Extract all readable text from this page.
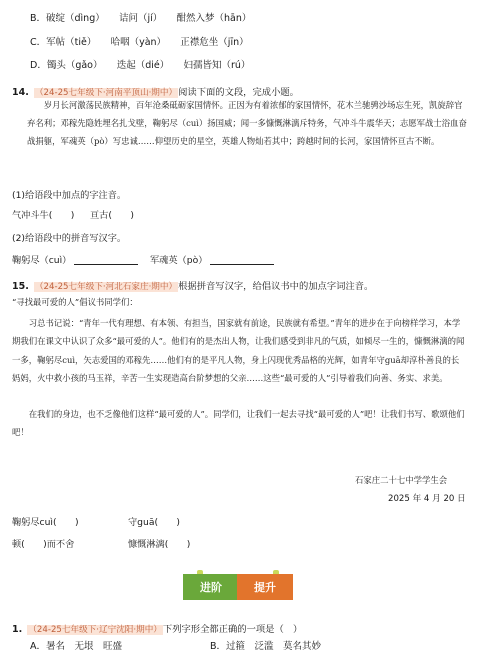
B．破绽（dìng）　　诘问（jí）　　酣然入梦（hān）
C．军帖（tiě）　　哈咽（yàn）　　正襟危坐（jīn）
D．镯头（gǎo）　　迭起（dié）　　妇孺皆知（rú）
14. （24-25七年级下·河南平顶山·期中）阅读下面的文段，完成小题。
　　岁月长河激荡民族精神，百年沧桑砥砺家国情怀。正因为有着浓郁的家国情怀，花木兰驰骋沙场忘生死，凯旋辞官弃名利；邓稼先隐姓埋名扎戈壁，鞠躬尽（cuì）扬国威；闻一多慷慨淋漓斥特务，气冲斗牛震华天；志愿军战士浴血奋战捐躯，军魂英（pò）写忠诚……仰望历史的星空，英雄人物灿若其中；跨越时间的长河，家国情怀亘古不断。
(1)给语段中加点的字注音。
气冲斗牛(　　) 亘古(　　)
(2)给语段中的拼音写汉字。
鞠躬尽（cuì）	军魂英（pò）
15. （24-25七年级下·河北石家庄·期中）根据拼音写汉字，给倡议书中的加点字词注音。
“寻找最可爱的人”倡议书同学们：
　　习总书记说：“青年一代有理想、有本领、有担当，国家就有前途，民族就有希望。”青年的进步在于向榜样学习，本学期我们在课文中认识了众多“最可爱的人”。他们有的是杰出人物，让我们感受到非凡的气质，如倾尽一生的，慷慨淋漓的闻一多，鞠躬尽cuì，矢志爱国的邓稼先……他们有的是平凡人物，身上闪现优秀品格的光辉，如青年守guā却淳朴善良的长妈妈，火中救小孩的马玉祥，辛苦一生实现造高台阶梦想的父亲……这些“最可爱的人”引导着我们向善、务实、求美。
　　在我们的身边，也不乏像他们这样“最可爱的人”。同学们，让我们一起去寻找“最可爱的人”吧！让我们书写、歌颂他们吧！
石家庄二十七中学学生会
2025 年 4 月 20 日
鞠躬尽cuì(　　)	守guā(　　)
顿(　　)而不舍	慷慨淋漓(　　)
进阶	提升
1. （24-25七年级下·辽宁沈阳·期中）下列字形全都正确的一项是（　）
A．暑名　无垠　旺盛	B．过箍　泛滥　莫名其妙
